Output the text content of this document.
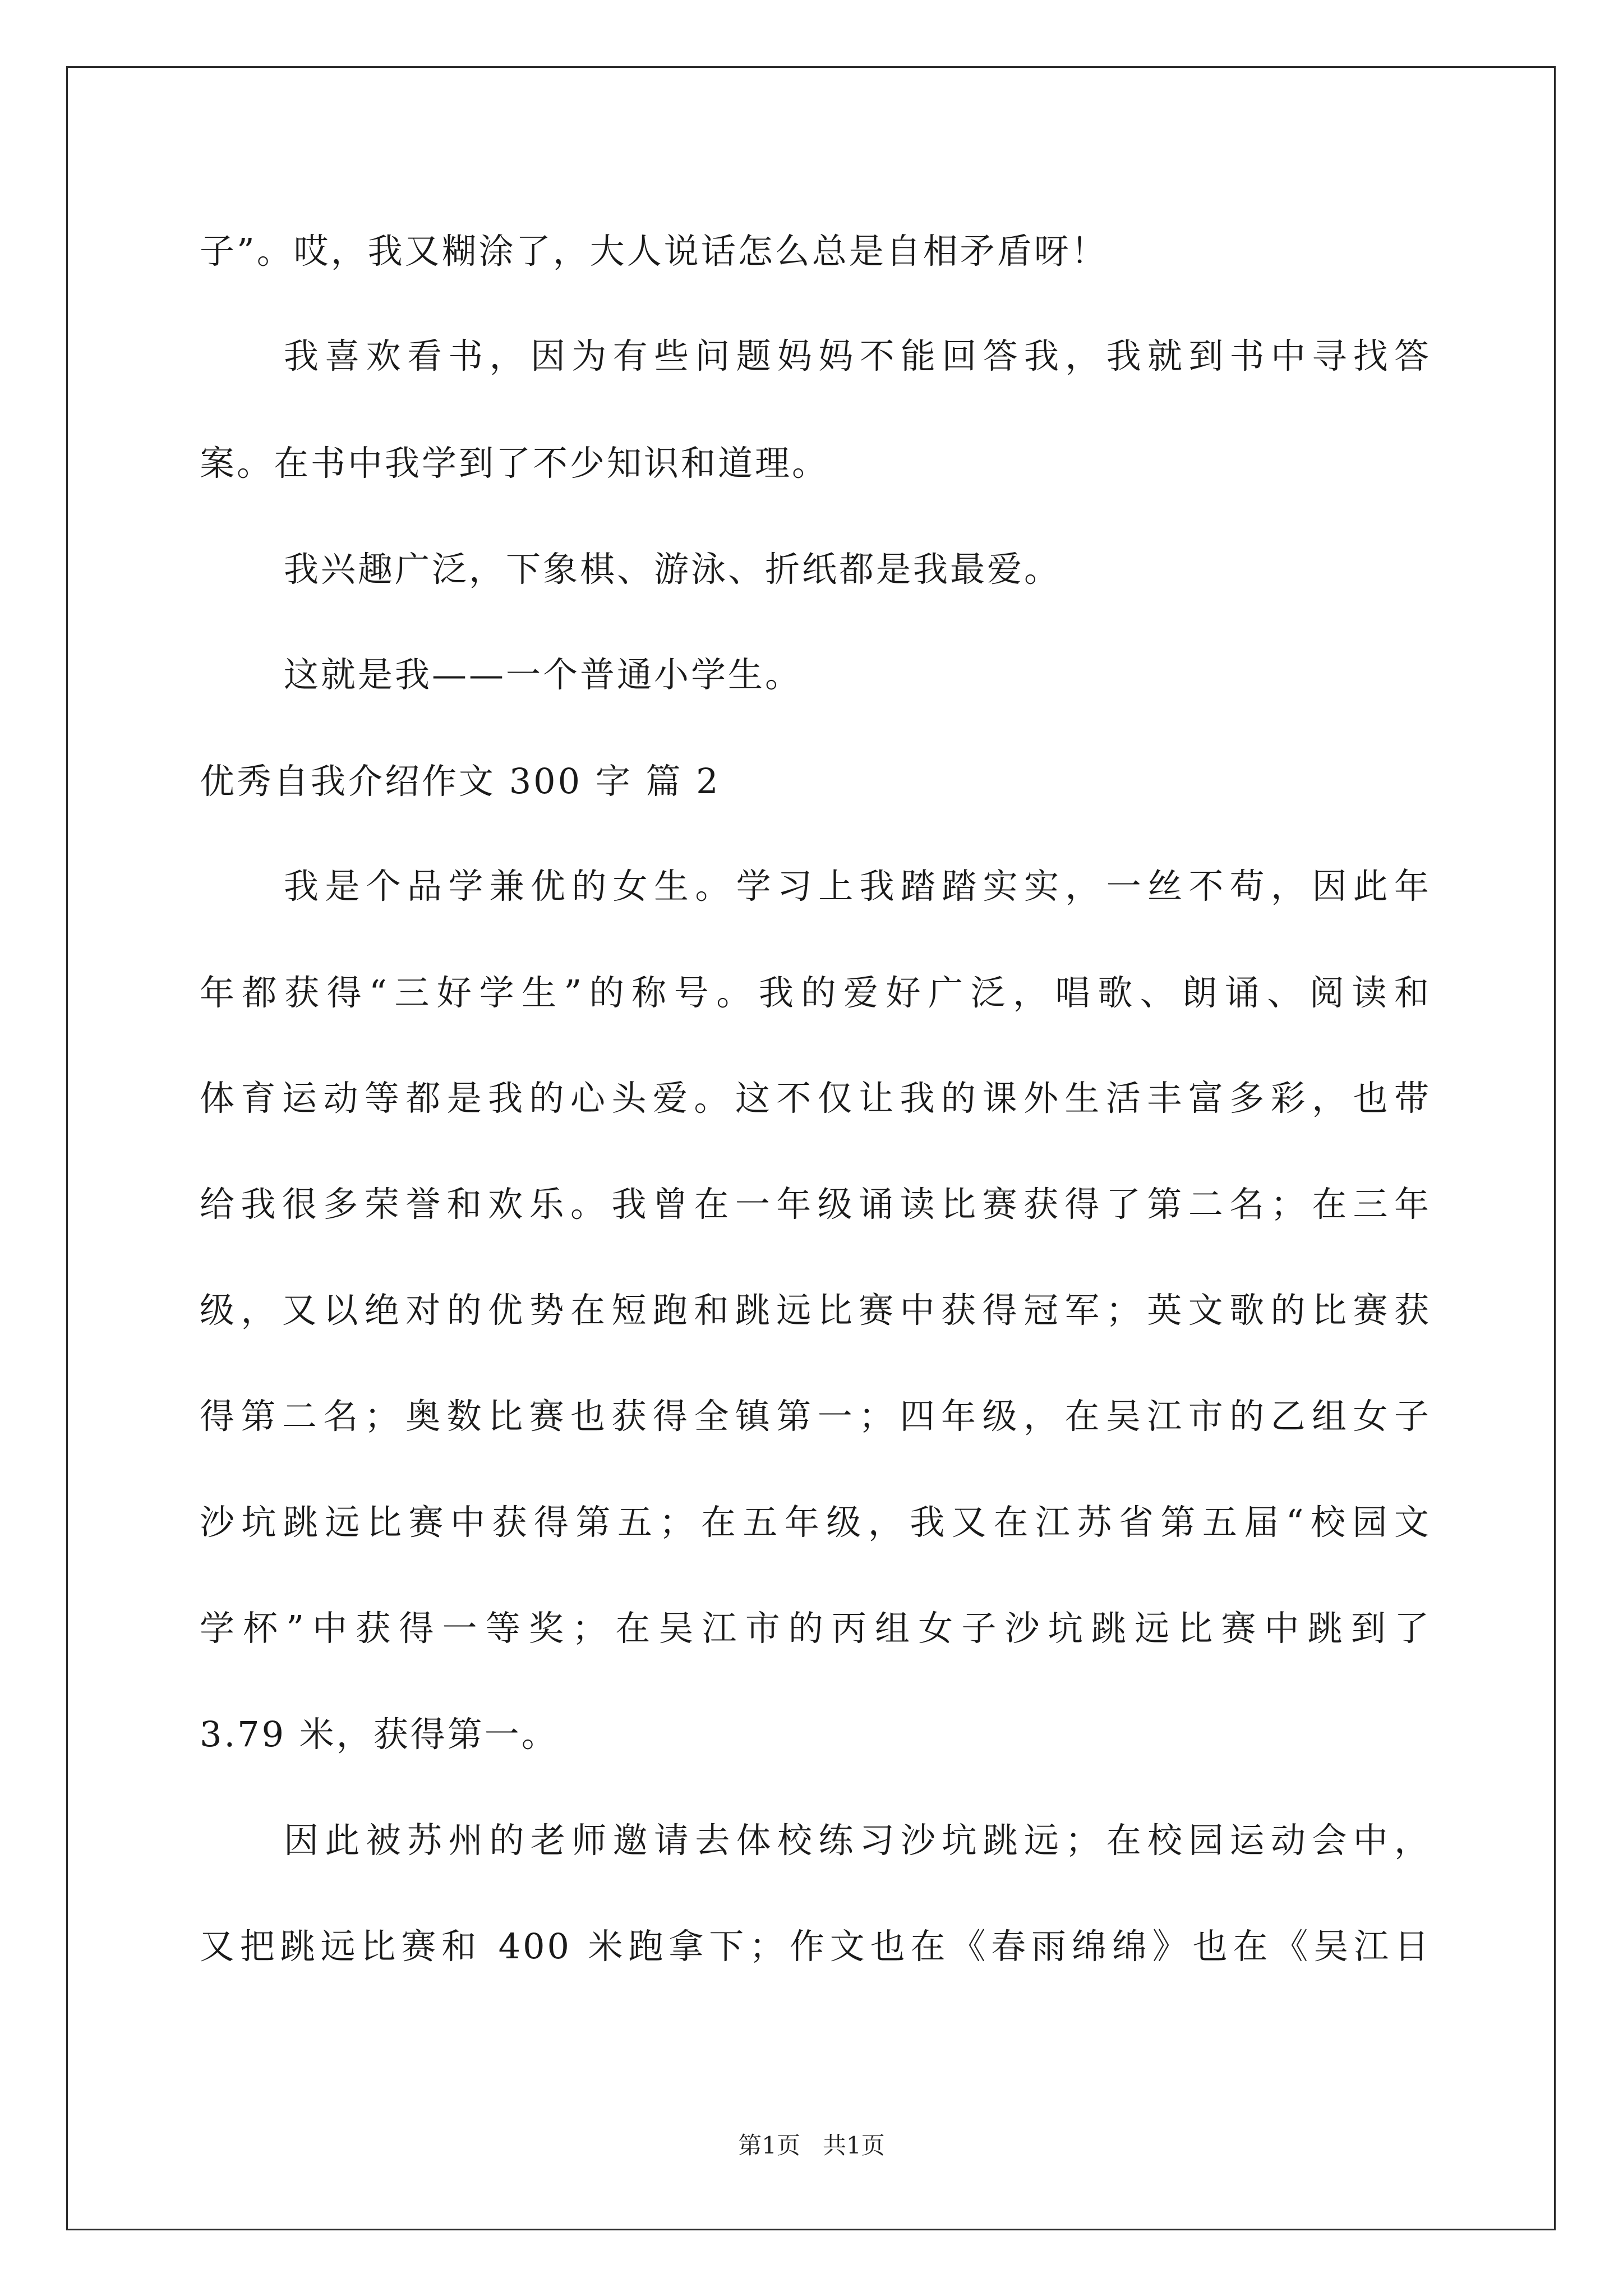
子”。哎，我又糊涂了，大人说话怎么总是自相矛盾呀！
我喜欢看书，因为有些问题妈妈不能回答我，我就到书中寻找答
案。在书中我学到了不少知识和道理。
我兴趣广泛，下象棋、游泳、折纸都是我最爱。
这就是我——一个普通小学生。
优秀自我介绍作文 300 字 篇 2
我是个品学兼优的女生。学习上我踏踏实实，一丝不苟，因此年
年都获得“三好学生”的称号。我的爱好广泛，唱歌、朗诵、阅读和
体育运动等都是我的心头爱。这不仅让我的课外生活丰富多彩，也带
给我很多荣誉和欢乐。我曾在一年级诵读比赛获得了第二名；在三年
级，又以绝对的优势在短跑和跳远比赛中获得冠军；英文歌的比赛获
得第二名；奥数比赛也获得全镇第一；四年级，在吴江市的乙组女子
沙坑跳远比赛中获得第五；在五年级，我又在江苏省第五届“校园文
学杯”中获得一等奖；在吴江市的丙组女子沙坑跳远比赛中跳到了
3.79 米，获得第一。
因此被苏州的老师邀请去体校练习沙坑跳远；在校园运动会中，
又把跳远比赛和 400 米跑拿下；作文也在《春雨绵绵》也在《吴江日
第1页   共1页
